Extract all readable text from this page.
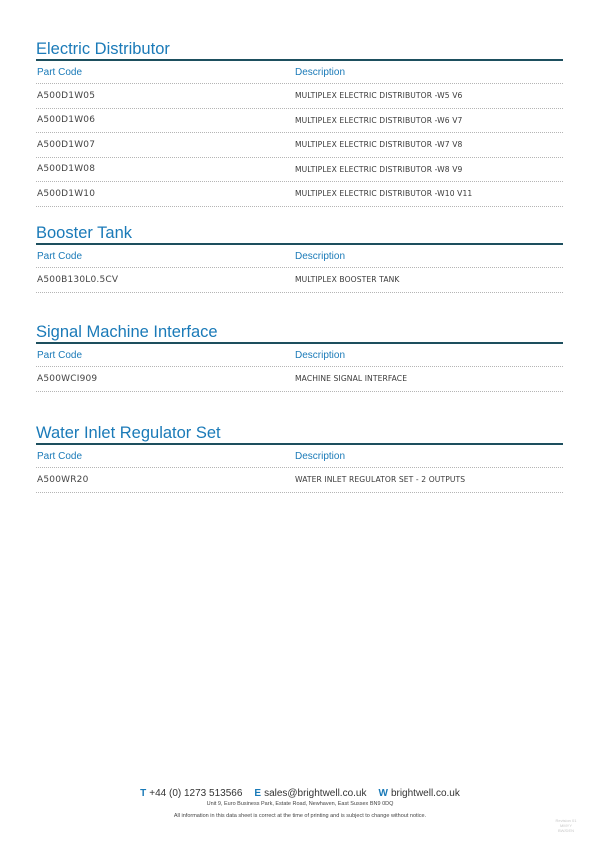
Electric Distributor
Part Code	Description
A500D1W05	MULTIPLEX ELECTRIC DISTRIBUTOR -W5 V6
A500D1W06	MULTIPLEX ELECTRIC DISTRIBUTOR -W6 V7
A500D1W07	MULTIPLEX ELECTRIC DISTRIBUTOR -W7 V8
A500D1W08	MULTIPLEX ELECTRIC DISTRIBUTOR -W8 V9
A500D1W10	MULTIPLEX ELECTRIC DISTRIBUTOR -W10 V11
Booster Tank
Part Code	Description
A500B130L0.5CV	MULTIPLEX BOOSTER TANK
Signal Machine Interface
Part Code	Description
A500WCI909	MACHINE SIGNAL INTERFACE
Water Inlet Regulator Set
Part Code	Description
A500WR20	WATER INLET REGULATOR SET - 2 OUTPUTS
T +44 (0) 1273 513566 E sales@brightwell.co.uk W brightwell.co.uk
Unit 9, Euro Business Park, Estate Road, Newhaven, East Sussex BN9 0DQ
All information in this data sheet is correct at the time of printing and is subject to change without notice.
Revision 01
MMYY
BW/DEN
